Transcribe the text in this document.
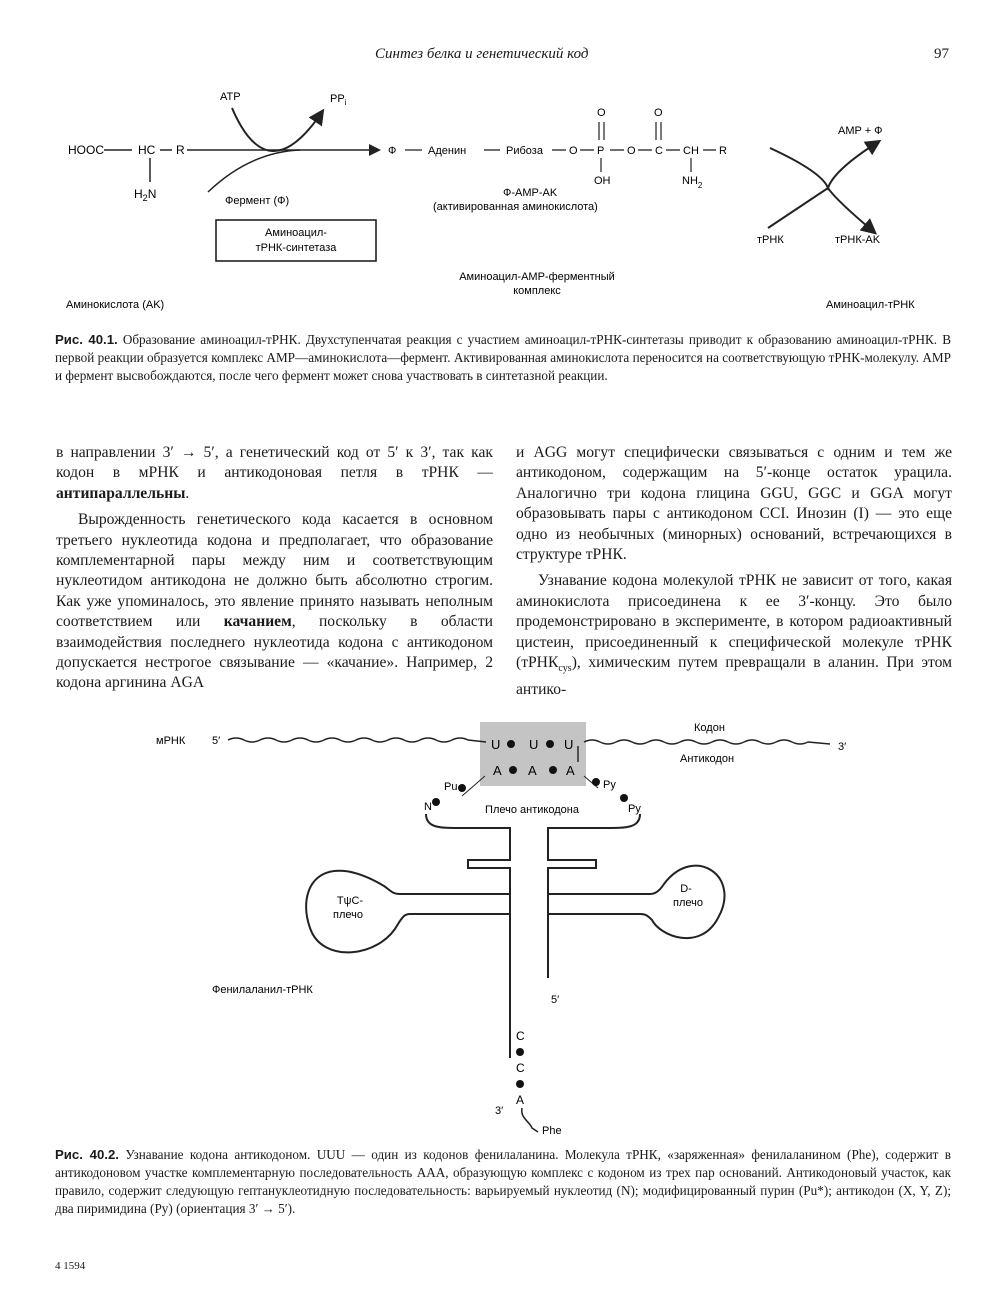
Синтез белка и генетический код	97
HOOC	HC R
$H_2N$
ATP	$PP_i$
Фермент (Ф)
Аминоацил-
тРНК-синтетаза
Ф	Аденин	Рибоза O P
O
OH
O C
O
CH R
$NH_2$
Ф-AMP-AK
(активированная аминокислота)
Аминоацил-AMP-ферментный
комплекс
AMP + Ф
тРНК	тРНК-AK
Аминокислота (AK)	Аминоацил-тРНК
Рис. 40.1. Образование аминоацил-тРНК. Двухступенчатая реакция с участием аминоацил-тРНК-синтетазы приводит к образованию аминоацил-тРНК. В первой реакции образуется комплекс AMP—аминокислота—фермент. Активированная аминокислота переносится на соответствующую тРНК-молекулу. AMP и фермент высвобождаются, после чего фермент может снова участвовать в синтетазной реакции.

в направлении 3′ → 5′, а генетический код от 5′ к 3′, так как кодон в мРНК и антикодоновая петля в тРНК — антипараллельны.

Вырожденность генетического кода касается в основном третьего нуклеотида кодона и предполагает, что образование комплементарной пары между ним и соответствующим нуклеотидом антикодона не должно быть абсолютно строгим. Как уже упоминалось, это явление принято называть неполным соответствием или качанием, поскольку в области взаимодействия последнего нуклеотида кодона с антикодоном допускается нестрогое связывание — «качание». Например, 2 кодона аргинина AGA

и AGG могут специфически связываться с одним и тем же антикодоном, содержащим на 5′-конце остаток урацила. Аналогично три кодона глицина GGU, GGC и GGA могут образовывать пары с антикодоном CCI. Инозин (I) — это еще одно из необычных (минорных) оснований, встречающихся в структуре тРНК.

Узнавание кодона молекулой тРНК не зависит от того, какая аминокислота присоединена к ее 3′-концу. Это было продемонстрировано в эксперименте, в котором радиоактивный цистеин, присоединенный к специфической молекуле тРНК (тРНК$_{cys}$), химическим путем превращали в аланин. При этом антико-

мРНК 5′	3′
Кодон
Антикодон
U U U
A A A
Pu
N
Py
Py
Плечо антикодона
TψC-
плечо
D-
плечо
Фенилаланил-тРНК
5′
C
C
A
3′
Phe
Рис. 40.2. Узнавание кодона антикодоном. UUU — один из кодонов фенилаланина. Молекула тРНК, «заряженная» фенилаланином (Phe), содержит в антикодоновом участке комплементарную последовательность AAA, образующую комплекс с кодоном из трех пар оснований. Антикодоновый участок, как правило, содержит следующую гептануклеотидную последовательность: варьируемый нуклеотид (N); модифицированный пурин (Pu*); антикодон (X, Y, Z); два пиримидина (Py) (ориентация 3′ → 5′).
4 1594
